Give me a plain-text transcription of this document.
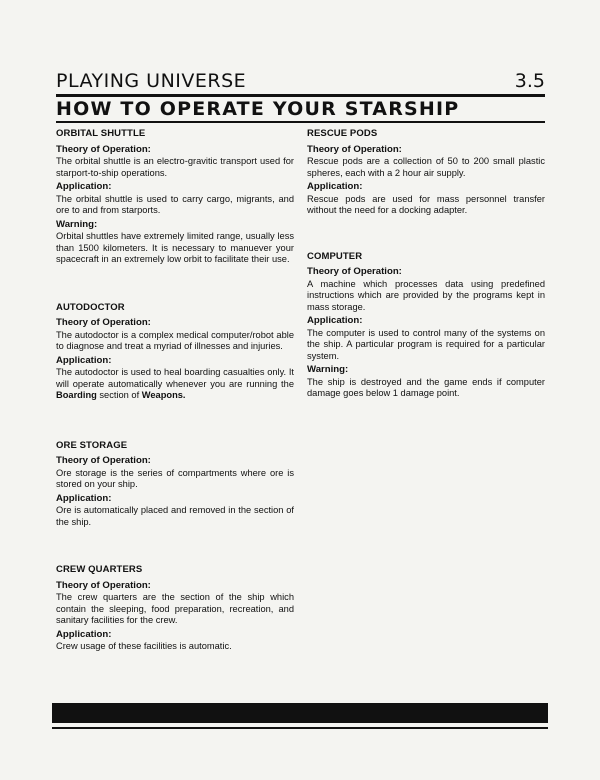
PLAYING UNIVERSE	3.5
HOW TO OPERATE YOUR STARSHIP
ORBITAL SHUTTLE
Theory of Operation:
The orbital shuttle is an electro-gravitic transport used for starport-to-ship operations.
Application:
The orbital shuttle is used to carry cargo, migrants, and ore to and from starports.
Warning:
Orbital shuttles have extremely limited range, usually less than 1500 kilometers. It is necessary to manuever your spacecraft in an extremely low orbit to facilitate their use.
AUTODOCTOR
Theory of Operation:
The autodoctor is a complex medical computer/robot able to diagnose and treat a myriad of illnesses and injuries.
Application:
The autodoctor is used to heal boarding casualties only. It will operate automatically whenever you are running the Boarding section of Weapons.
ORE STORAGE
Theory of Operation:
Ore storage is the series of compartments where ore is stored on your ship.
Application:
Ore is automatically placed and removed in the section of the ship.
CREW QUARTERS
Theory of Operation:
The crew quarters are the section of the ship which contain the sleeping, food preparation, recreation, and sanitary facilities for the crew.
Application:
Crew usage of these facilities is automatic.
RESCUE PODS
Theory of Operation:
Rescue pods are a collection of 50 to 200 small plastic spheres, each with a 2 hour air supply.
Application:
Rescue pods are used for mass personnel transfer without the need for a docking adapter.
COMPUTER
Theory of Operation:
A machine which processes data using predefined instructions which are provided by the programs kept in mass storage.
Application:
The computer is used to control many of the systems on the ship. A particular program is required for a particular system.
Warning:
The ship is destroyed and the game ends if computer damage goes below 1 damage point.
